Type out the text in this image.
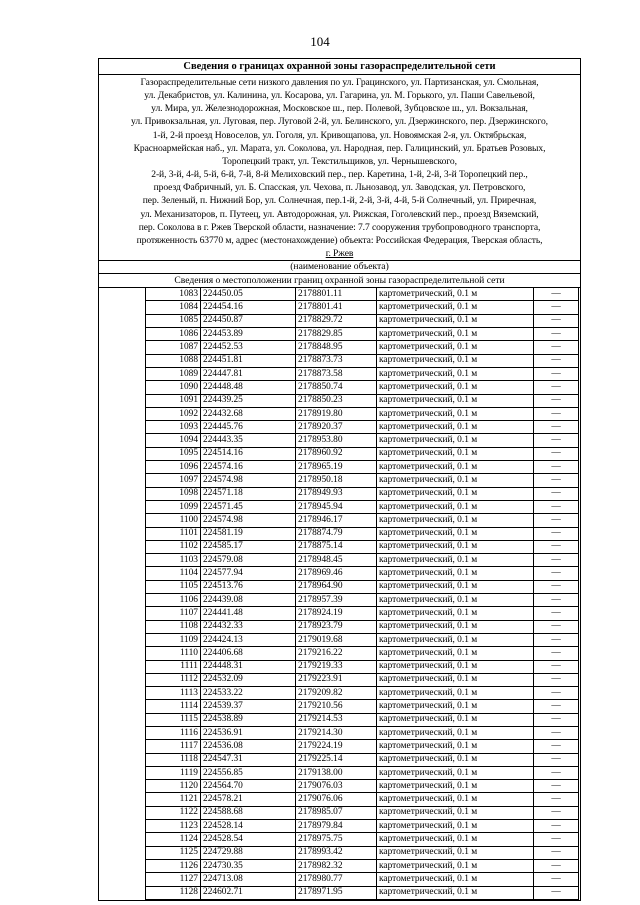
104
Сведения о границах охранной зоны газораспределительной сети
Газораспределительные сети низкого давления по ул. Грацинского, ул. Партизанская, ул. Смольная,
ул. Декабристов, ул. Калинина, ул. Косарова, ул. Гагарина, ул. М. Горького, ул. Паши Савельевой,
ул. Мира, ул. Железнодорожная, Московское ш., пер. Полевой, Зубцовское ш., ул. Вокзальная,
ул. Привокзальная, ул. Луговая, пер. Луговой 2-й, ул. Белинского, ул. Дзержинского, пер. Дзержинского,
1-й, 2-й проезд Новоселов, ул. Гоголя, ул. Кривощапова, ул. Новоямская 2-я, ул. Октябрьская,
Красноармейская наб., ул. Марата, ул. Соколова, ул. Народная, пер. Галицинский, ул. Братьев Розовых,
Торопецкий тракт, ул. Текстильщиков, ул. Чернышевского,
2-й, 3-й, 4-й, 5-й, 6-й, 7-й, 8-й Мелиховский пер., пер. Каретина, 1-й, 2-й, 3-й Торопецкий пер.,
проезд Фабричный, ул. Б. Спасская, ул. Чехова, п. Льнозавод, ул. Заводская, ул. Петровского,
пер. Зеленый, п. Нижний Бор, ул. Солнечная, пер.1-й, 2-й, 3-й, 4-й, 5-й Солнечный, ул. Приречная,
ул. Механизаторов, п. Путеец, ул. Автодорожная, ул. Рижская, Гоголевский пер., проезд Вяземский,
пер. Соколова в г. Ржев Тверской области, назначение: 7.7 сооружения трубопроводного транспорта,
протяженность 63770 м, адрес (местонахождение) объекта: Российская Федерация, Тверская область,
г. Ржев
(наименование объекта)
Сведения о местоположении границ охранной зоны газораспределительной сети
1083	224450.05	2178801.11	картометрический, 0.1 м	—
1084	224454.16	2178801.41	картометрический, 0.1 м	—
1085	224450.87	2178829.72	картометрический, 0.1 м	—
1086	224453.89	2178829.85	картометрический, 0.1 м	—
1087	224452.53	2178848.95	картометрический, 0.1 м	—
1088	224451.81	2178873.73	картометрический, 0.1 м	—
1089	224447.81	2178873.58	картометрический, 0.1 м	—
1090	224448.48	2178850.74	картометрический, 0.1 м	—
1091	224439.25	2178850.23	картометрический, 0.1 м	—
1092	224432.68	2178919.80	картометрический, 0.1 м	—
1093	224445.76	2178920.37	картометрический, 0.1 м	—
1094	224443.35	2178953.80	картометрический, 0.1 м	—
1095	224514.16	2178960.92	картометрический, 0.1 м	—
1096	224574.16	2178965.19	картометрический, 0.1 м	—
1097	224574.98	2178950.18	картометрический, 0.1 м	—
1098	224571.18	2178949.93	картометрический, 0.1 м	—
1099	224571.45	2178945.94	картометрический, 0.1 м	—
1100	224574.98	2178946.17	картометрический, 0.1 м	—
1101	224581.19	2178874.79	картометрический, 0.1 м	—
1102	224585.17	2178875.14	картометрический, 0.1 м	—
1103	224579.08	2178948.45	картометрический, 0.1 м	—
1104	224577.94	2178969.46	картометрический, 0.1 м	—
1105	224513.76	2178964.90	картометрический, 0.1 м	—
1106	224439.08	2178957.39	картометрический, 0.1 м	—
1107	224441.48	2178924.19	картометрический, 0.1 м	—
1108	224432.33	2178923.79	картометрический, 0.1 м	—
1109	224424.13	2179019.68	картометрический, 0.1 м	—
1110	224406.68	2179216.22	картометрический, 0.1 м	—
1111	224448.31	2179219.33	картометрический, 0.1 м	—
1112	224532.09	2179223.91	картометрический, 0.1 м	—
1113	224533.22	2179209.82	картометрический, 0.1 м	—
1114	224539.37	2179210.56	картометрический, 0.1 м	—
1115	224538.89	2179214.53	картометрический, 0.1 м	—
1116	224536.91	2179214.30	картометрический, 0.1 м	—
1117	224536.08	2179224.19	картометрический, 0.1 м	—
1118	224547.31	2179225.14	картометрический, 0.1 м	—
1119	224556.85	2179138.00	картометрический, 0.1 м	—
1120	224564.70	2179076.03	картометрический, 0.1 м	—
1121	224578.21	2179076.06	картометрический, 0.1 м	—
1122	224588.68	2178985.07	картометрический, 0.1 м	—
1123	224528.14	2178979.84	картометрический, 0.1 м	—
1124	224528.54	2178975.75	картометрический, 0.1 м	—
1125	224729.88	2178993.42	картометрический, 0.1 м	—
1126	224730.35	2178982.32	картометрический, 0.1 м	—
1127	224713.08	2178980.77	картометрический, 0.1 м	—
1128	224602.71	2178971.95	картометрический, 0.1 м	—
